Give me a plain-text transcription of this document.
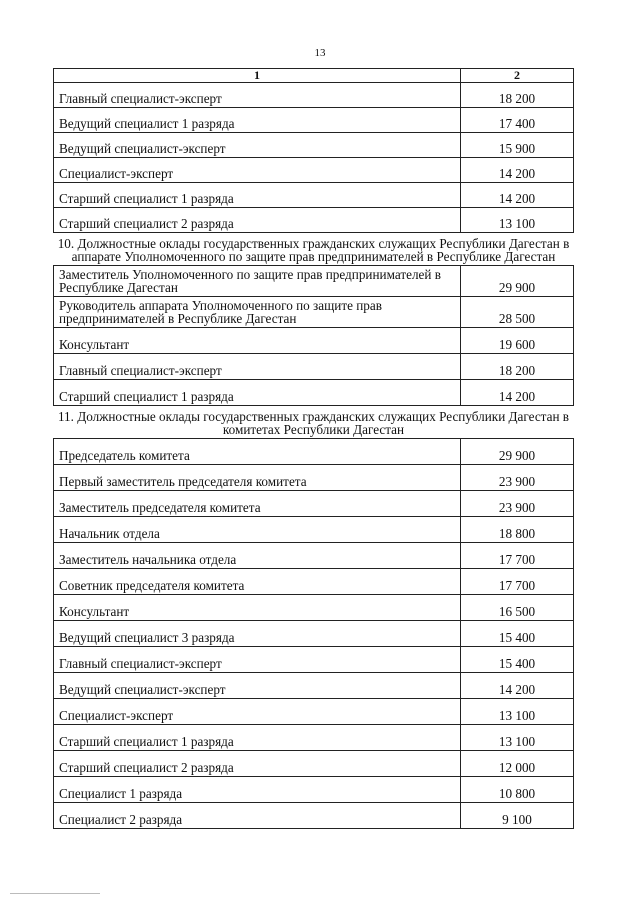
13
1	2
Главный специалист-эксперт	18 200
Ведущий специалист 1 разряда	17 400
Ведущий специалист-эксперт	15 900
Специалист-эксперт	14 200
Старший специалист 1 разряда	14 200
Старший специалист 2 разряда	13 100
10. Должностные оклады государственных гражданских служащих Республики Дагестан в аппарате Уполномоченного по защите прав предпринимателей в Республике Дагестан
Заместитель Уполномоченного по защите прав предпринимателей в Республике Дагестан	29 900
Руководитель аппарата Уполномоченного по защите прав предпринимателей в Республике Дагестан	28 500
Консультант	19 600
Главный специалист-эксперт	18 200
Старший специалист 1 разряда	14 200
11. Должностные оклады государственных гражданских служащих Республики Дагестан в комитетах Республики Дагестан
Председатель комитета	29 900
Первый заместитель председателя комитета	23 900
Заместитель председателя комитета	23 900
Начальник отдела	18 800
Заместитель начальника отдела	17 700
Советник председателя комитета	17 700
Консультант	16 500
Ведущий специалист 3 разряда	15 400
Главный специалист-эксперт	15 400
Ведущий специалист-эксперт	14 200
Специалист-эксперт	13 100
Старший специалист 1 разряда	13 100
Старший специалист 2 разряда	12 000
Специалист 1 разряда	10 800
Специалист 2 разряда	9 100
